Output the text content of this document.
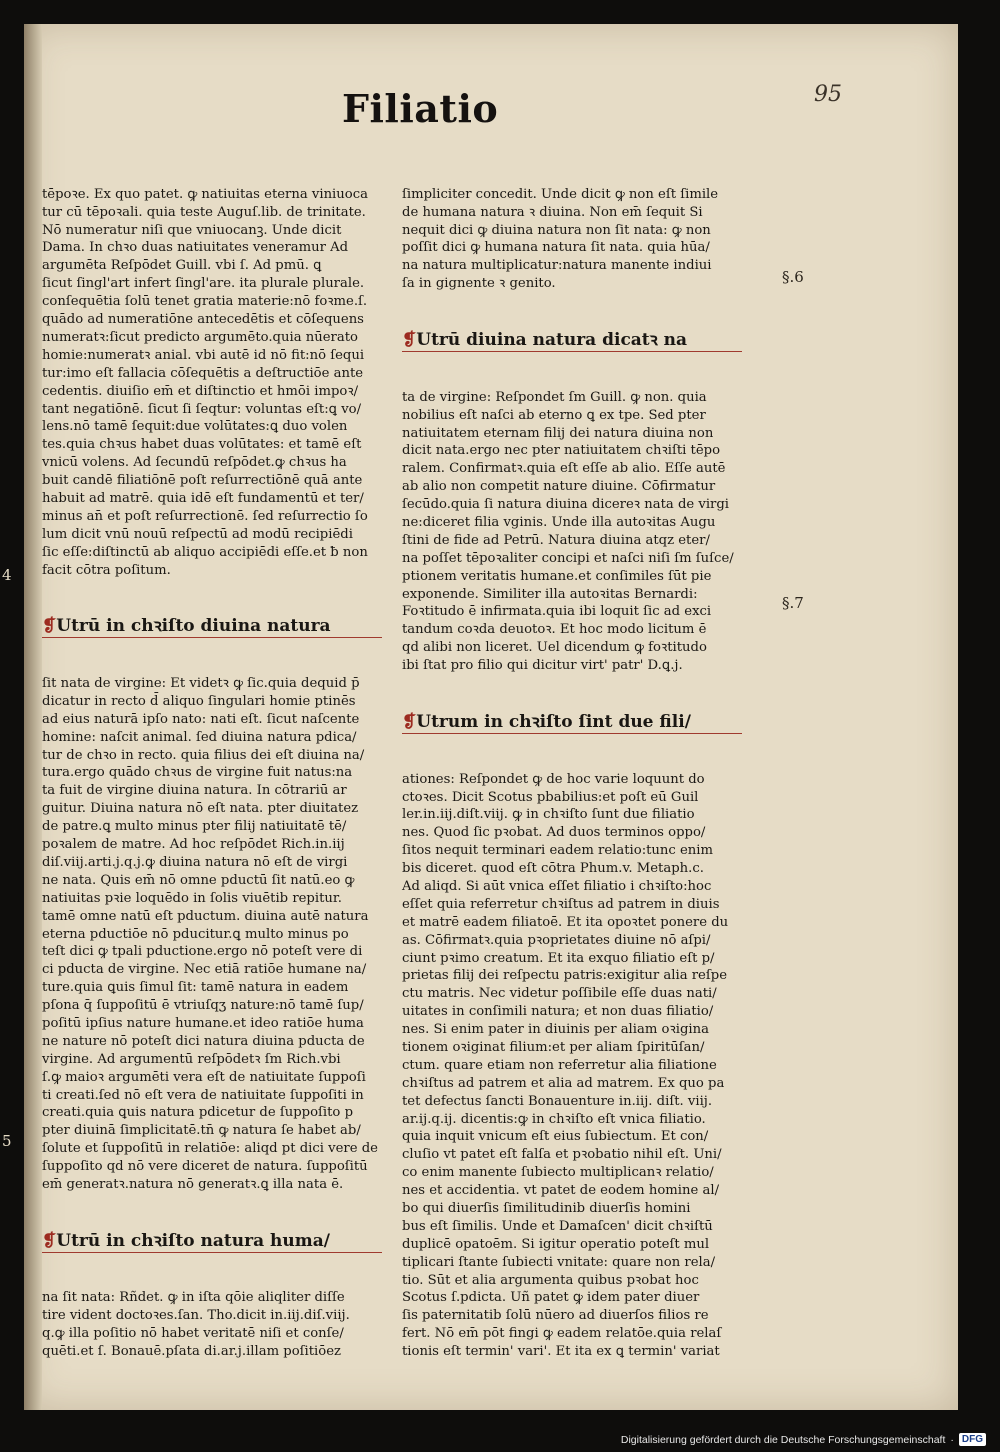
95
Filiatio
§.6
§.7
4
5

tēpoꝛe. Ex quo patet. ꝙ natiuitas eterna viniuoca
tur cū tēpoꝛali. quia teste Auguſ.lib. de trinitate.
Nō numeratur niſi que vniuocanꝫ. Unde dicit
Dama. In chꝛo duas natiuitates veneramur Ad
argumēta Reſpōdet Guill. vbi ſ. Ad pmū. ꝗ
ſicut ſingl'art infert ſingl'are. ita plurale plurale.
conſequētia ſolū tenet gratia materie:nō foꝛme.ſ.
quādo ad numeratiōne antecedētis et cōſequens
numeratꝛ:ſicut predicto argumēto.quia nūerato
homie:numeratꝛ anial. vbi autē id nō fit:nō ſequi
tur:imo eſt fallacia cōſequētis a deſtructiōe ante
cedentis. diuiſio em̄ et diſtinctio et hmōi impoꝛ/
tant negatiōnē. ſicut ſi ſeqtur: voluntas eſt:ꝗ vo/
lens.nō tamē ſequit:due volūtates:ꝗ duo volen
tes.quia chꝛus habet duas volūtates: et tamē eſt
vnicū volens. Ad ſecundū reſpōdet.ꝙ chꝛus ha
buit candē filiatiōnē poſt reſurrectiōnē quā ante
habuit ad matrē. quia idē eſt fundamentū et ter/
minus an̄ et poſt reſurrectionē. ſed reſurrectio ſo
lum dicit vnū nouū reſpectū ad modū recipiēdi
ſic eſſe:diſtinctū ab aliquo accipiēdi eſſe.et ƀ non
facit cōtra poſitum.

❡Utrū in chꝛiſto diuina natura

ſit nata de virgine: Et videtꝛ ꝙ ſic.quia dequid p̄
dicatur in recto d̄ aliquo ſingulari homie ptinēs
ad eius naturā ipſo nato: nati eſt. ſicut naſcente
homine: naſcit animal. ſed diuina natura pdica/
tur de chꝛo in recto. quia filius dei eſt diuina na/
tura.ergo quādo chꝛus de virgine fuit natus:na
ta fuit de virgine diuina natura. In cōtrariū ar
guitur. Diuina natura nō eſt nata. pter diuitatez
de patre.ꝗ multo minus pter filij natiuitatē tē/
poꝛalem de matre. Ad hoc reſpōdet Rich.in.iij
diſ.viij.arti.j.q.j.ꝙ diuina natura nō eſt de virgi
ne nata. Quis em̄ nō omne pductū ſit natū.eo ꝙ
natiuitas pꝛie loquēdo in ſolis viuētib repitur.
tamē omne natū eſt pductum. diuina autē natura
eterna pductiōe nō pducitur.ꝗ multo minus po
teſt dici ꝙ tpali pductione.ergo nō poteſt vere di
ci pducta de virgine. Nec etiā ratiōe humane na/
ture.quia ꝗuis ſimul ſit: tamē natura in eadem
pſona q̄ ſuppoſitū ē vtriuſqʒ nature:nō tamē ſup/
poſitū ipſius nature humane.et ideo ratiōe huma
ne nature nō poteſt dici natura diuina pducta de
virgine. Ad argumentū reſpōdetꝛ ſm Rich.vbi
ſ.ꝙ maioꝛ argumēti vera eſt de natiuitate ſuppoſi
ti creati.ſed nō eſt vera de natiuitate ſuppoſiti in
creati.quia ꝗuis natura pdicetur de ſuppoſito p
pter diuinā ſimplicitatē.tn̄ ꝙ natura ſe habet ab/
ſolute et ſuppoſitū in relatiōe: aliqd pt dici vere de
ſuppoſito qd nō vere diceret de natura. ſuppoſitū
em̄ generatꝛ.natura nō generatꝛ.ꝗ illa nata ē.

❡Utrū in chꝛiſto natura huma/

na ſit nata: Rñdet. ꝙ in iſta qōie aliqliter diſſe
tire vident doctoꝛes.ſan. Tho.dicit in.iij.diſ.viij.
q.ꝙ illa poſitio nō habet veritatē niſi et conſe/
quēti.et ſ. Bonauē.pſata di.ar.j.illam poſitiōez

ſimpliciter concedit. Unde dicit ꝙ non eſt ſimile
de humana natura ꝛ diuina. Non em̄ ſequit Si
nequit dici ꝙ diuina natura non ſit nata: ꝙ non
poſſit dici ꝙ humana natura ſit nata. quia hūa/
na natura multiplicatur:natura manente indiui
ſa in gignente ꝛ genito.

❡Utrū diuina natura dicatꝛ na

ta de virgine: Reſpondet ſm Guill. ꝙ non. quia
nobilius eſt naſci ab eterno ꝗ ex tpe. Sed pter
natiuitatem eternam filij dei natura diuina non
dicit nata.ergo nec pter natiuitatem chꝛiſti tēpo
ralem. Confirmatꝛ.quia eſt eſſe ab alio. Eſſe autē
ab alio non competit nature diuine. Cōfirmatur
ſecūdo.quia ſi natura diuina dicereꝛ nata de virgi
ne:diceret filia vginis. Unde illa autoꝛitas Augu
ſtini de fide ad Petrū. Natura diuina atqz eter/
na poſſet tēpoꝛaliter concipi et naſci niſi ſm ſuſce/
ptionem veritatis humane.et conſimiles ſūt pie
exponende. Similiter illa autoꝛitas Bernardi:
Foꝛtitudo ē infirmata.quia ibi loquit ſic ad exci
tandum coꝛda deuotoꝛ. Et hoc modo licitum ē
qd alibi non liceret. Uel dicendum ꝙ foꝛtitudo
ibi ſtat pro filio qui dicitur virt' patr' D.ꝗ.j.

❡Utrum in chꝛiſto ſint due fili/

ationes: Reſpondet ꝙ de hoc varie loquunt do
ctoꝛes. Dicit Scotus pbabilius:et poſt eū Guil
ler.in.iij.diſt.viij. ꝙ in chꝛiſto ſunt due filiatio
nes. Quod ſic pꝛobat. Ad duos terminos oppo/
ſitos nequit terminari eadem relatio:tunc enim
bis diceret. quod eſt cōtra Phum.v. Metaph.c.
Ad aliqd. Si aūt vnica eſſet filiatio i chꝛiſto:hoc
eſſet quia referretur chꝛiſtus ad patrem in diuis
et matrē eadem filiatoē. Et ita opoꝛtet ponere du
as. Cōfirmatꝛ.quia pꝛoprietates diuine nō aſpi/
ciunt pꝛimo creatum. Et ita exquo filiatio eſt p/
prietas filij dei reſpectu patris:exigitur alia reſpe
ctu matris. Nec videtur poſſibile eſſe duas nati/
uitates in conſimili natura; et non duas filiatio/
nes. Si enim pater in diuinis per aliam oꝛigina
tionem oꝛiginat filium:et per aliam ſpiritūſan/
ctum. quare etiam non referretur alia filiatione
chꝛiſtus ad patrem et alia ad matrem. Ex quo pa
tet defectus ſancti Bonauenture in.iij. diſt. viij.
ar.ij.q.ij. dicentis:ꝙ in chꝛiſto eſt vnica filiatio.
quia inquit vnicum eſt eius ſubiectum. Et con/
cluſio vt patet eſt falſa et pꝛobatio nihil eſt. Uni/
co enim manente ſubiecto multiplicanꝛ relatio/
nes et accidentia. vt patet de eodem homine al/
bo qui diuerſis ſimilitudinib diuerſis homini
bus eſt ſimilis. Unde et Damaſcen' dicit chꝛiſtū
duplicē opatoēm. Si igitur operatio poteſt mul
tiplicari ſtante ſubiecti vnitate: quare non rela/
tio. Sūt et alia argumenta quibus pꝛobat hoc
Scotus ſ.pdicta. Uñ patet ꝙ idem pater diuer
ſis paternitatib ſolū nūero ad diuerſos filios re
fert. Nō em̄ pōt fingi ꝙ eadem relatōe.quia relaſ
tionis eſt termin' vari'. Et ita ex ꝗ termin' variat

Digitalisierung gefördert durch die Deutsche Forschungsgemeinschaft · DFG
